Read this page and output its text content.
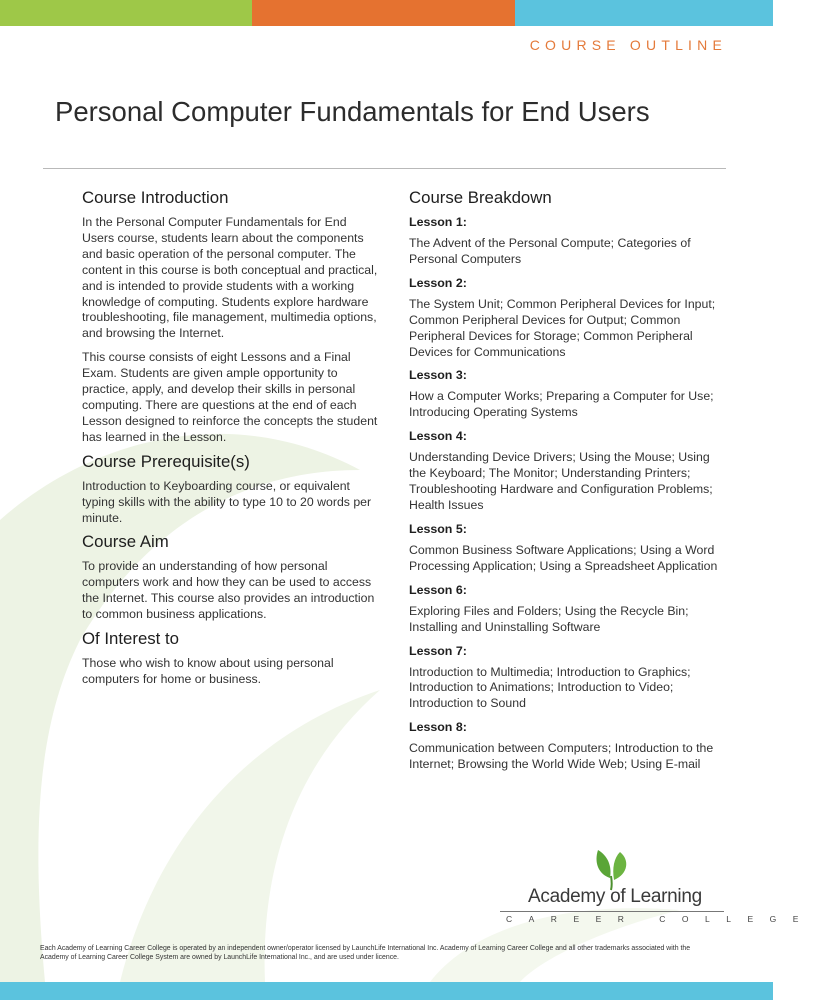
COURSE OUTLINE
Personal Computer Fundamentals for End Users
Course Introduction

In the Personal Computer Fundamentals for End Users course, students learn about the components and basic operation of the personal computer. The content in this course is both conceptual and practical, and is intended to provide students with a working knowledge of computing. Students explore hardware troubleshooting, file management, multimedia options, and browsing the Internet.

This course consists of eight Lessons and a Final Exam. Students are given ample opportunity to practice, apply, and develop their skills in personal computing. There are questions at the end of each Lesson designed to reinforce the concepts the student has learned in the Lesson.

Course Prerequisite(s)

Introduction to Keyboarding course, or equivalent typing skills with the ability to type 10 to 20 words per minute.

Course Aim

To provide an understanding of how personal computers work and how they can be used to access the Internet. This course also provides an introduction to common business applications.

Of Interest to

Those who wish to know about using personal computers for home or business.

Course Breakdown
Lesson 1:
The Advent of the Personal Compute; Categories of Personal Computers
Lesson 2:
The System Unit; Common Peripheral Devices for Input; Common Peripheral Devices for Output; Common Peripheral Devices for Storage; Common Peripheral Devices for Communications
Lesson 3:
How a Computer Works; Preparing a Computer for Use; Introducing Operating Systems
Lesson 4:
Understanding Device Drivers; Using the Mouse; Using the Keyboard; The Monitor; Understanding Printers; Troubleshooting Hardware and Configuration Problems; Health Issues
Lesson 5:
Common Business Software Applications; Using a Word Processing Application; Using a Spreadsheet Application
Lesson 6:
Exploring Files and Folders; Using the Recycle Bin; Installing and Uninstalling Software
Lesson 7:
Introduction to Multimedia; Introduction to Graphics; Introduction to Animations; Introduction to Video; Introduction to Sound
Lesson 8:
Communication between Computers; Introduction to the Internet; Browsing the World Wide Web; Using E-mail
Academy of Learning
CAREER COLLEGE
Each Academy of Learning Career College is operated by an independent owner/operator licensed by LaunchLife International Inc. Academy of Learning Career College and all other trademarks associated with the Academy of Learning Career College System are owned by LaunchLife International Inc., and are used under licence.
